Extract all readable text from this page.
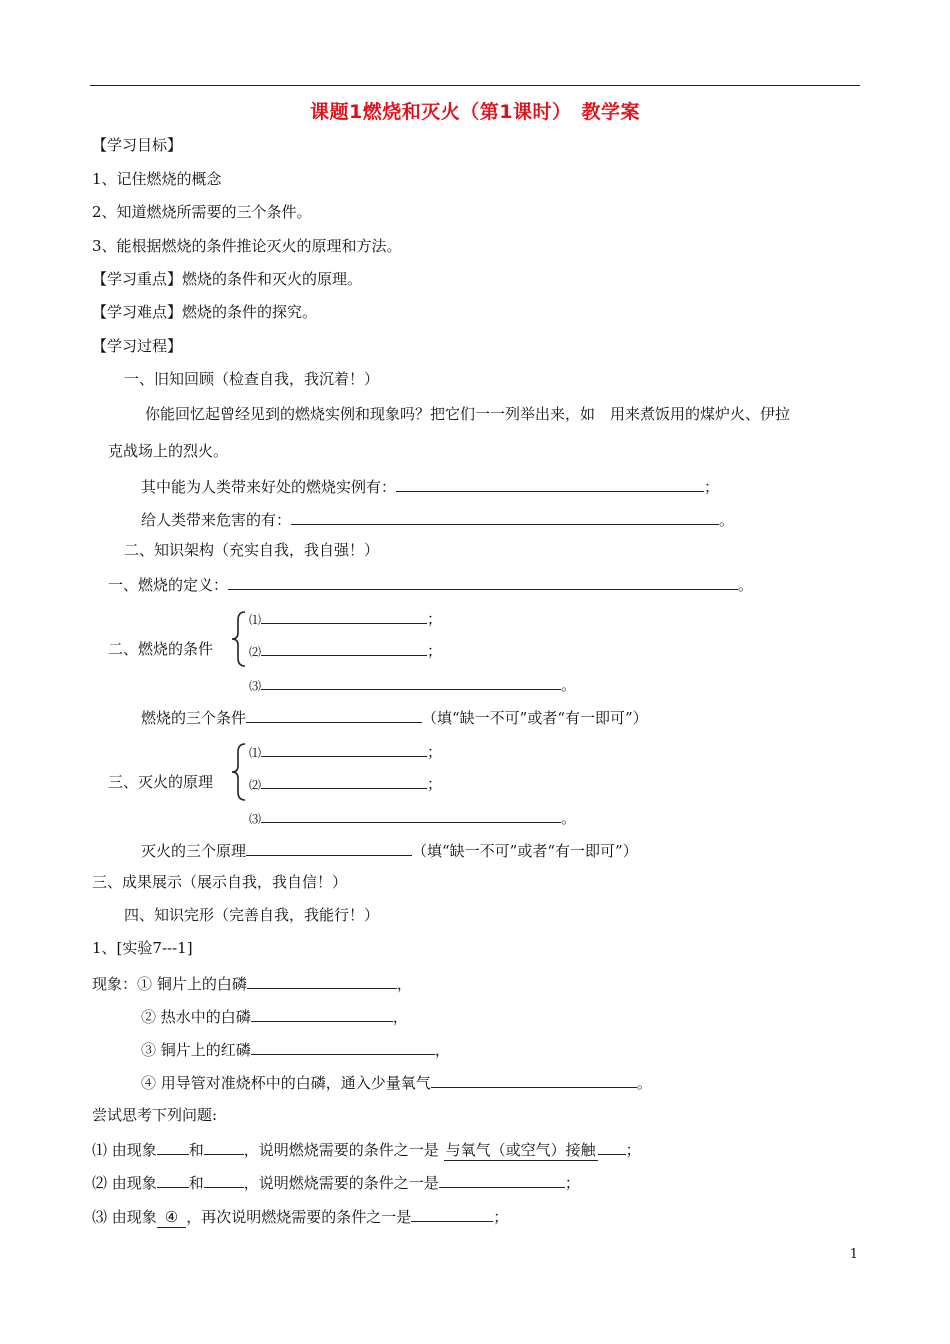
课题1燃烧和灭火（第1课时）　教学案
【学习目标】
1、记住燃烧的概念
2、知道燃烧所需要的三个条件。
3、能根据燃烧的条件推论灭火的原理和方法。
【学习重点】燃烧的条件和灭火的原理。
【学习难点】燃烧的条件的探究。
【学习过程】
一、旧知回顾（检查自我，我沉着！）
你能回忆起曾经见到的燃烧实例和现象吗？把它们一一列举出来，如　用来煮饭用的煤炉火、伊拉
克战场上的烈火。
其中能为人类带来好处的燃烧实例有：	；
给人类带来危害的有：	。
二、知识架构（充实自我，我自强！）
一、燃烧的定义：	。
二、燃烧的条件
⑴	；
⑵	；
⑶	。
燃烧的三个条件	（填“缺一不可”或者“有一即可”）
三、灭火的原理
⑴	；
⑵	；
⑶	。
灭火的三个原理	（填“缺一不可”或者“有一即可”）
三、成果展示（展示自我，我自信！）
四、知识完形（完善自我，我能行！）
1、[实验7---1]
现象：① 铜片上的白磷	，
② 热水中的白磷	，
③ 铜片上的红磷	，
④ 用导管对准烧杯中的白磷，通入少量氧气	。
尝试思考下列问题:
⑴ 由现象 和	，说明燃烧需要的条件之一是 与氧气（或空气）接触 ；
⑵ 由现象 和	，说明燃烧需要的条件之一是	；
⑶ 由现象 ④ ，再次说明燃烧需要的条件之一是	；
1
